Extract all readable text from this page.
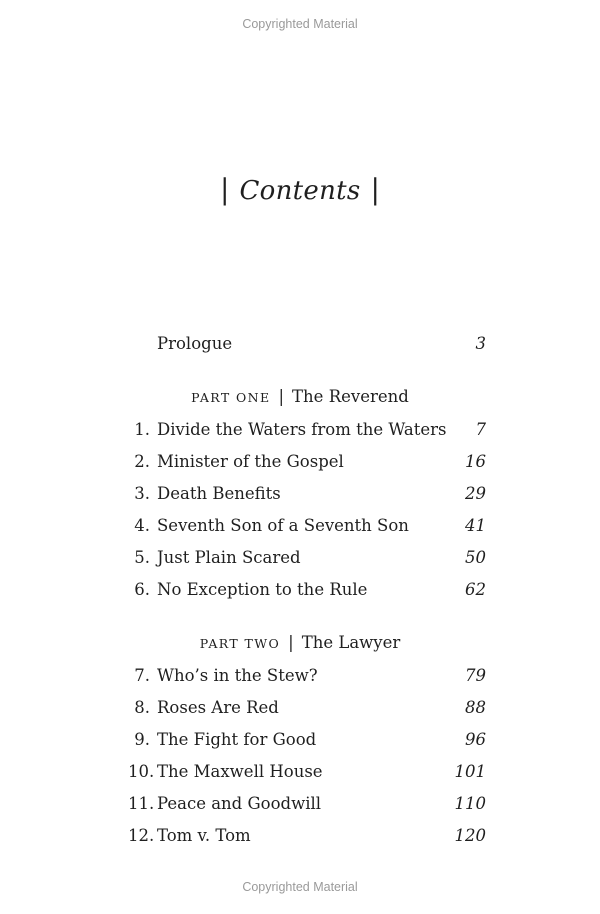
Copyrighted Material
| Contents |
Prologue	3
PART ONE | The Reverend
1. Divide the Waters from the Waters 7
2. Minister of the Gospel	16
3. Death Benefits	29
4. Seventh Son of a Seventh Son	41
5. Just Plain Scared	50
6. No Exception to the Rule	62
PART TWO | The Lawyer
7. Who’s in the Stew?	79
8. Roses Are Red	88
9. The Fight for Good	96
10. The Maxwell House	101
11. Peace and Goodwill	110
12. Tom v. Tom	120
Copyrighted Material
